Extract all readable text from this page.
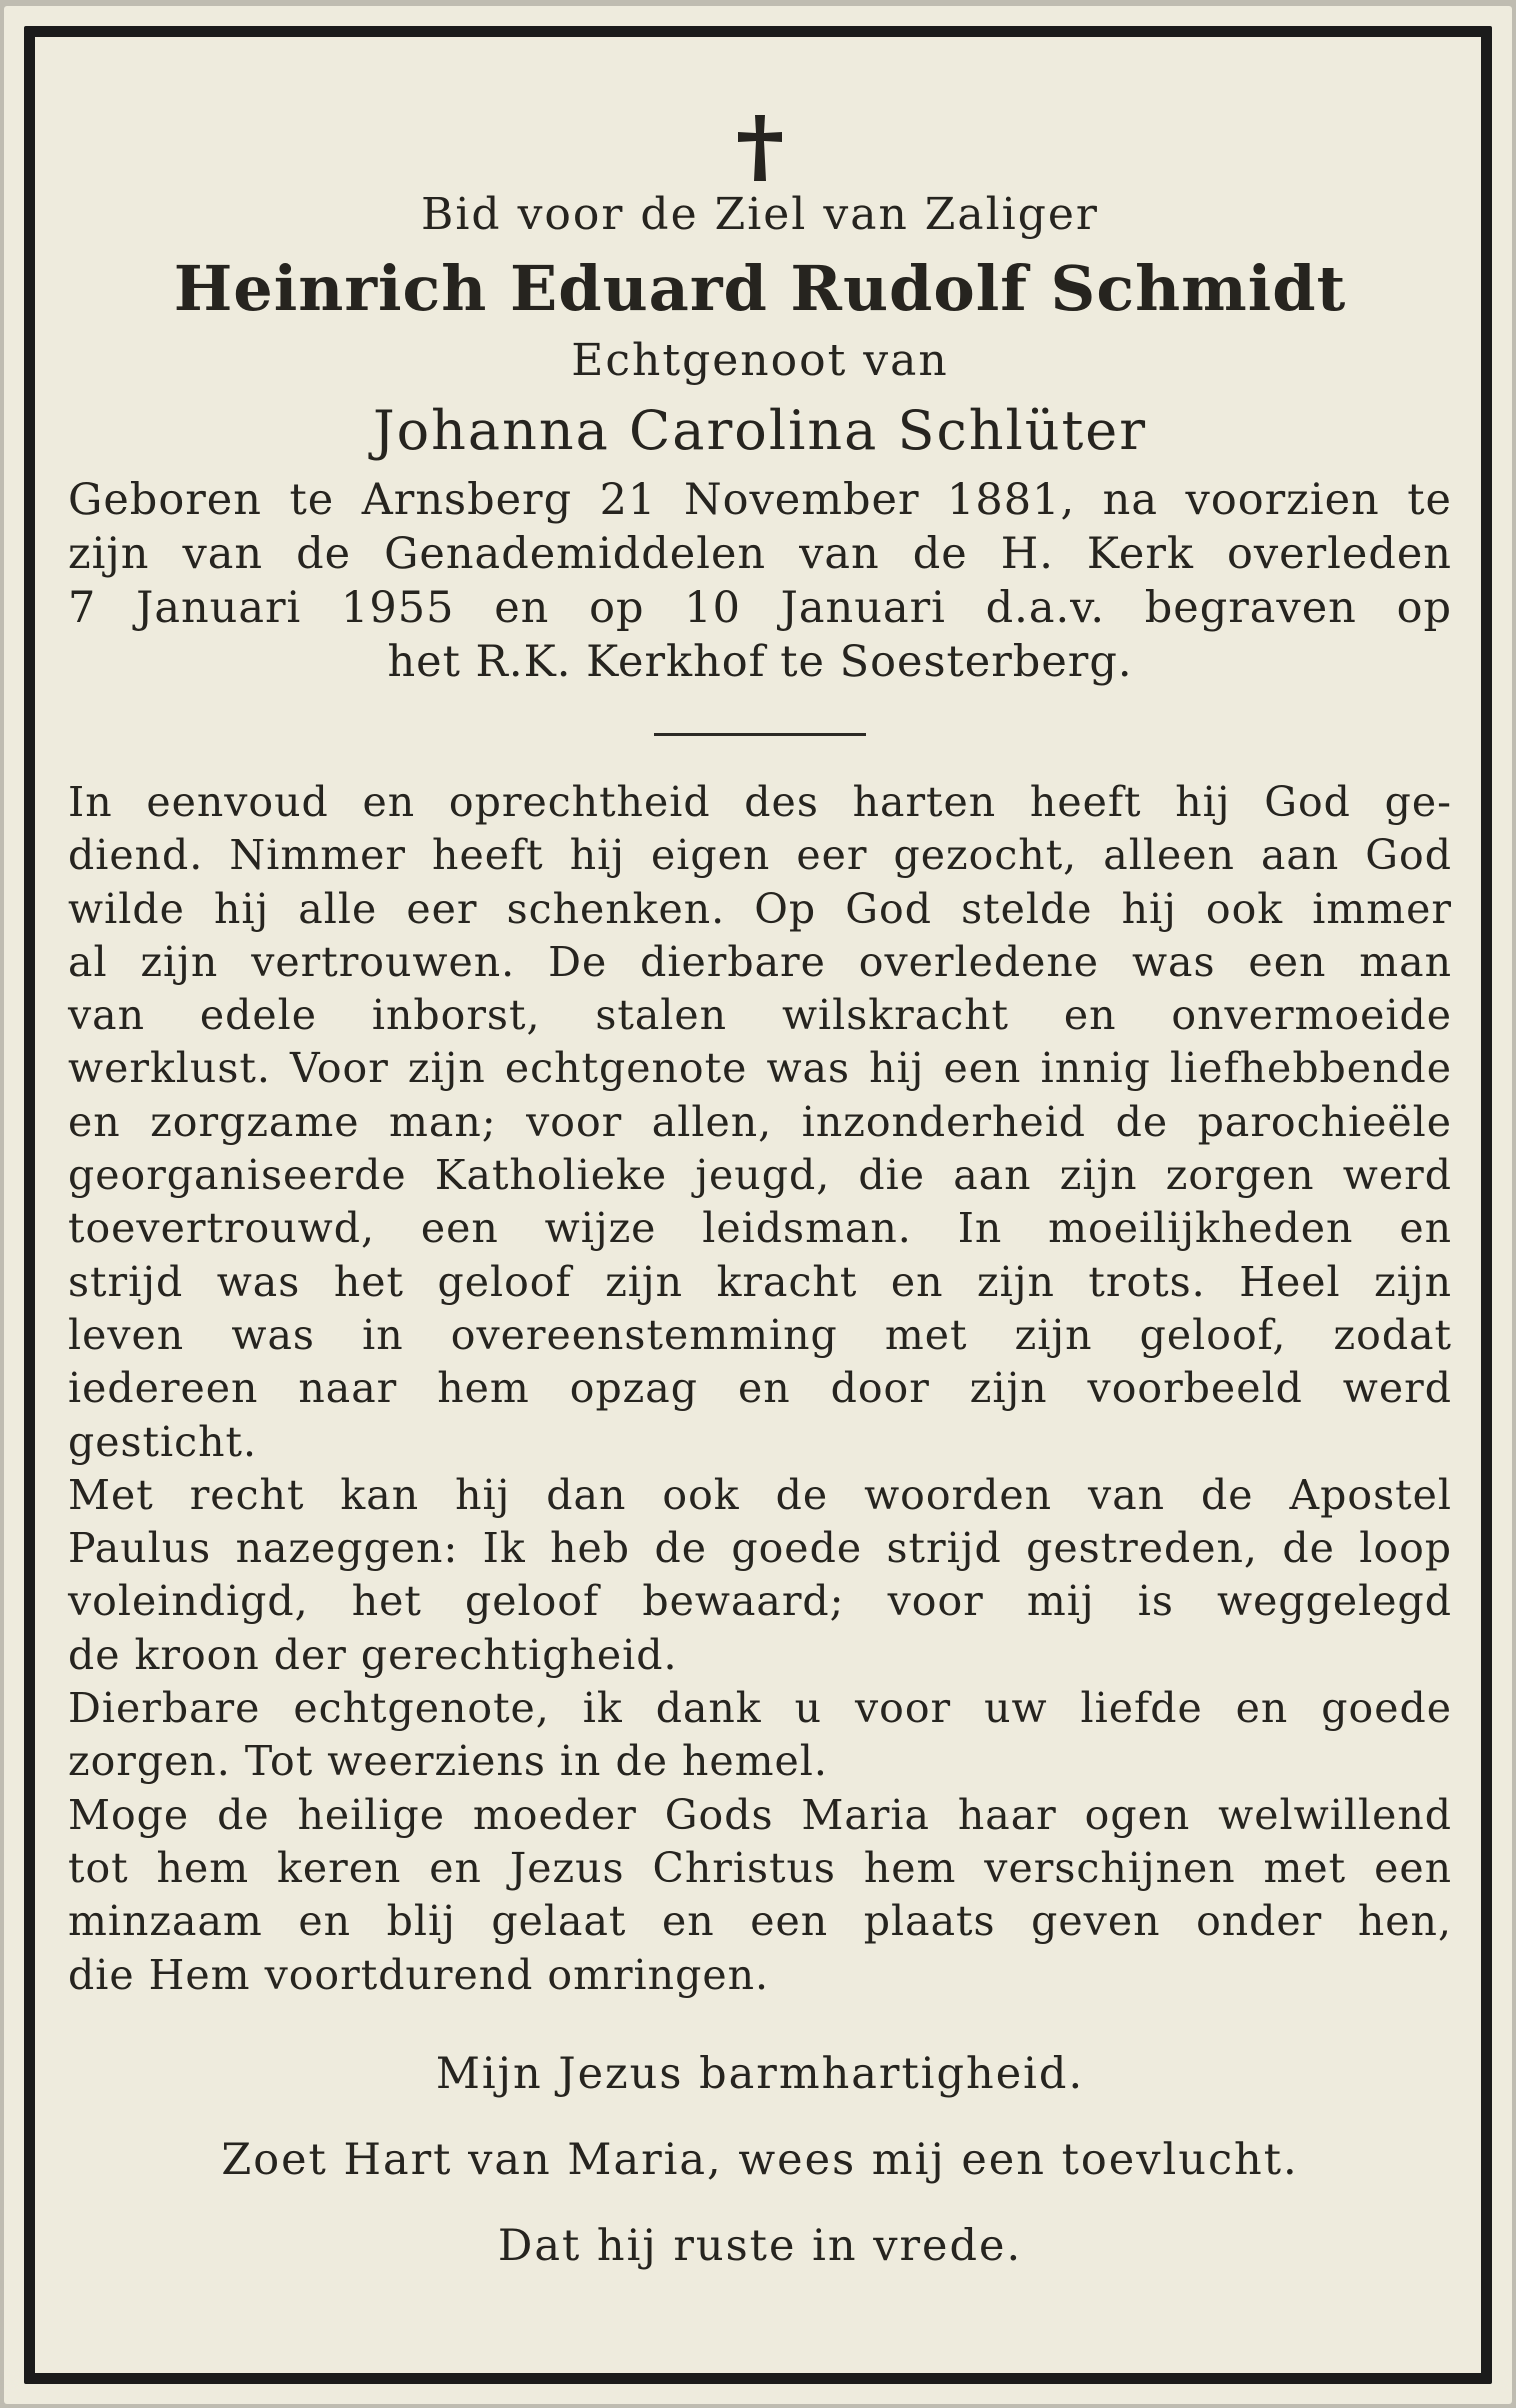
Bid voor de Ziel van Zaliger
Heinrich Eduard Rudolf Schmidt
Echtgenoot van
Johanna Carolina Schlüter
Geboren te Arnsberg 21 November 1881, na voorzien te
zijn van de Genademiddelen van de H. Kerk overleden
7 Januari 1955 en op 10 Januari d.a.v. begraven op
het R.K. Kerkhof te Soesterberg.
In eenvoud en oprechtheid des harten heeft hij God ge-
diend. Nimmer heeft hij eigen eer gezocht, alleen aan God
wilde hij alle eer schenken. Op God stelde hij ook immer
al zijn vertrouwen. De dierbare overledene was een man
van edele inborst, stalen wilskracht en onvermoeide
werklust. Voor zijn echtgenote was hij een innig liefhebbende
en zorgzame man; voor allen, inzonderheid de parochieële
georganiseerde Katholieke jeugd, die aan zijn zorgen werd
toevertrouwd, een wijze leidsman. In moeilijkheden en
strijd was het geloof zijn kracht en zijn trots. Heel zijn
leven was in overeenstemming met zijn geloof, zodat
iedereen naar hem opzag en door zijn voorbeeld werd
gesticht.
Met recht kan hij dan ook de woorden van de Apostel
Paulus nazeggen: Ik heb de goede strijd gestreden, de loop
voleindigd, het geloof bewaard; voor mij is weggelegd
de kroon der gerechtigheid.
Dierbare echtgenote, ik dank u voor uw liefde en goede
zorgen. Tot weerziens in de hemel.
Moge de heilige moeder Gods Maria haar ogen welwillend
tot hem keren en Jezus Christus hem verschijnen met een
minzaam en blij gelaat en een plaats geven onder hen,
die Hem voortdurend omringen.
Mijn Jezus barmhartigheid.
Zoet Hart van Maria, wees mij een toevlucht.
Dat hij ruste in vrede.
